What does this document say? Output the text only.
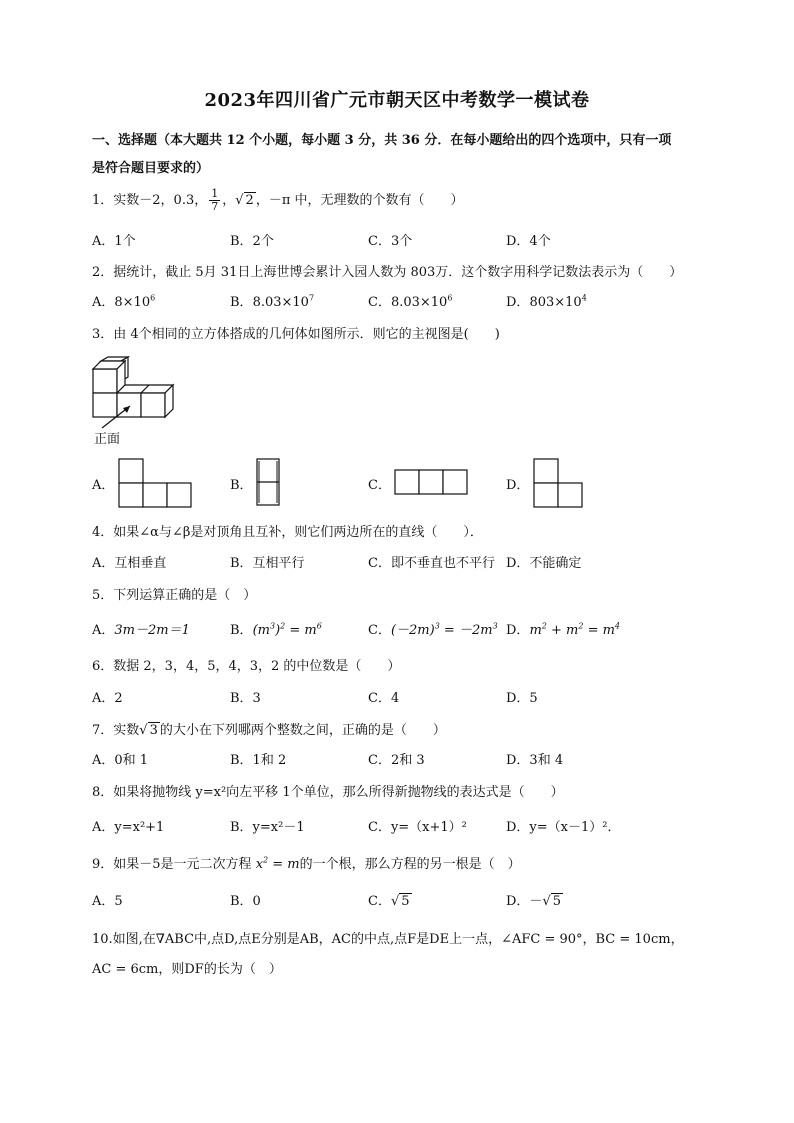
2023年四川省广元市朝天区中考数学一模试卷
一、选择题（本大题共 12 个小题，每小题 3 分，共 36 分．在每小题给出的四个选项中，只有一项
是符合题目要求的）
1．实数－2，0.3， $\frac{1}{7}$ ，√ 2 ，－π 中，无理数的个数有（　　）
A．1个	B．2个	C．3个	D．4个
2．据统计，截止 5月 31日上海世博会累计入园人数为 803万．这个数字用科学记数法表示为（　　）
A．$8\times 10^6$	B．$8.03\times 10^7$	C．$8.03\times 10^6$	D．$803\times 10^4$
3．由 4个相同的立方体搭成的几何体如图所示．则它的主视图是(　　)
正面
A．	B．	C．	D．
4．如果∠α与∠β是对顶角且互补，则它们两边所在的直线（　　）．
A．互相垂直	B．互相平行	C．即不垂直也不平行 D．不能确定
5．下列运算正确的是（　）
A．3m－2m＝1	B．$(m^3)^2 = m^6$	C．$(-2m)^3 = -2m^3$ D．$m^2 + m^2 = m^4$
6．数据 2，3，4，5，4，3，2 的中位数是（　　）
A．2	B．3	C．4	D．5
7．实数√ 3 的大小在下列哪两个整数之间，正确的是（　　）
A．0和 1	B．1和 2	C．2和 3	D．3和 4
8．如果将抛物线 y=x²向左平移 1个单位，那么所得新抛物线的表达式是（　　）
A．y=x²+1	B．y=x²－1	C．y=（x+1）²	D．y=（x－1）²．
9．如果－5是一元二次方程 $x^2 = m$的一个根，那么方程的另一根是（　）
A．5	B．0	C．√ 5	D．－√ 5
10.如图,在∇ABC中,点D,点E分别是AB，AC的中点,点F是DE上一点，∠AFC = 90°，BC = 10cm，
AC = 6cm，则DF的长为（　）
